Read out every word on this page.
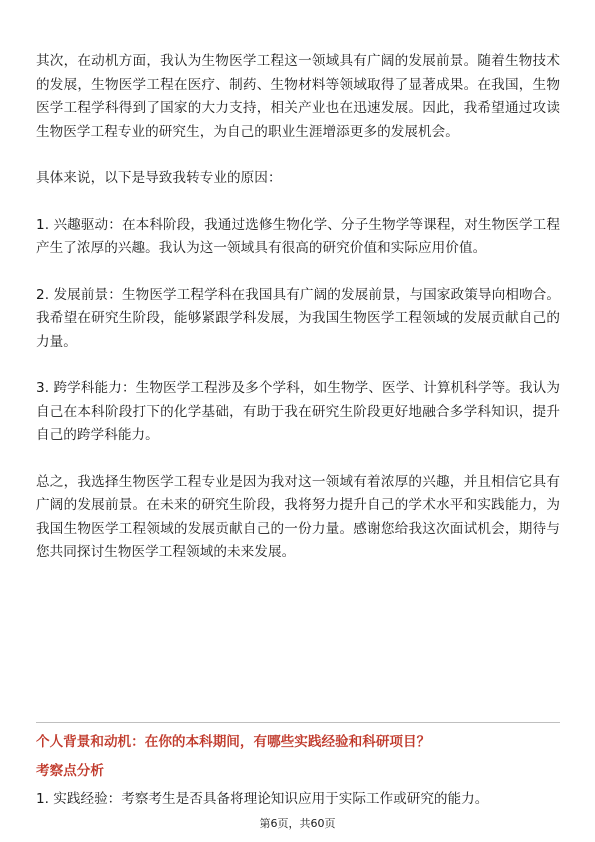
其次，在动机方面，我认为生物医学工程这一领域具有广阔的发展前景。随着生物技术的发展，生物医学工程在医疗、制药、生物材料等领域取得了显著成果。在我国，生物医学工程学科得到了国家的大力支持，相关产业也在迅速发展。因此，我希望通过攻读生物医学工程专业的研究生，为自己的职业生涯增添更多的发展机会。

具体来说，以下是导致我转专业的原因：

1. 兴趣驱动：在本科阶段，我通过选修生物化学、分子生物学等课程，对生物医学工程产生了浓厚的兴趣。我认为这一领域具有很高的研究价值和实际应用价值。

2. 发展前景：生物医学工程学科在我国具有广阔的发展前景，与国家政策导向相吻合。我希望在研究生阶段，能够紧跟学科发展，为我国生物医学工程领域的发展贡献自己的力量。

3. 跨学科能力：生物医学工程涉及多个学科，如生物学、医学、计算机科学等。我认为自己在本科阶段打下的化学基础，有助于我在研究生阶段更好地融合多学科知识，提升自己的跨学科能力。

总之，我选择生物医学工程专业是因为我对这一领域有着浓厚的兴趣，并且相信它具有广阔的发展前景。在未来的研究生阶段，我将努力提升自己的学术水平和实践能力，为我国生物医学工程领域的发展贡献自己的一份力量。感谢您给我这次面试机会，期待与您共同探讨生物医学工程领域的未来发展。

个人背景和动机：在你的本科期间，有哪些实践经验和科研项目？
考察点分析
1. 实践经验：考察考生是否具备将理论知识应用于实际工作或研究的能力。
第6页，共60页
